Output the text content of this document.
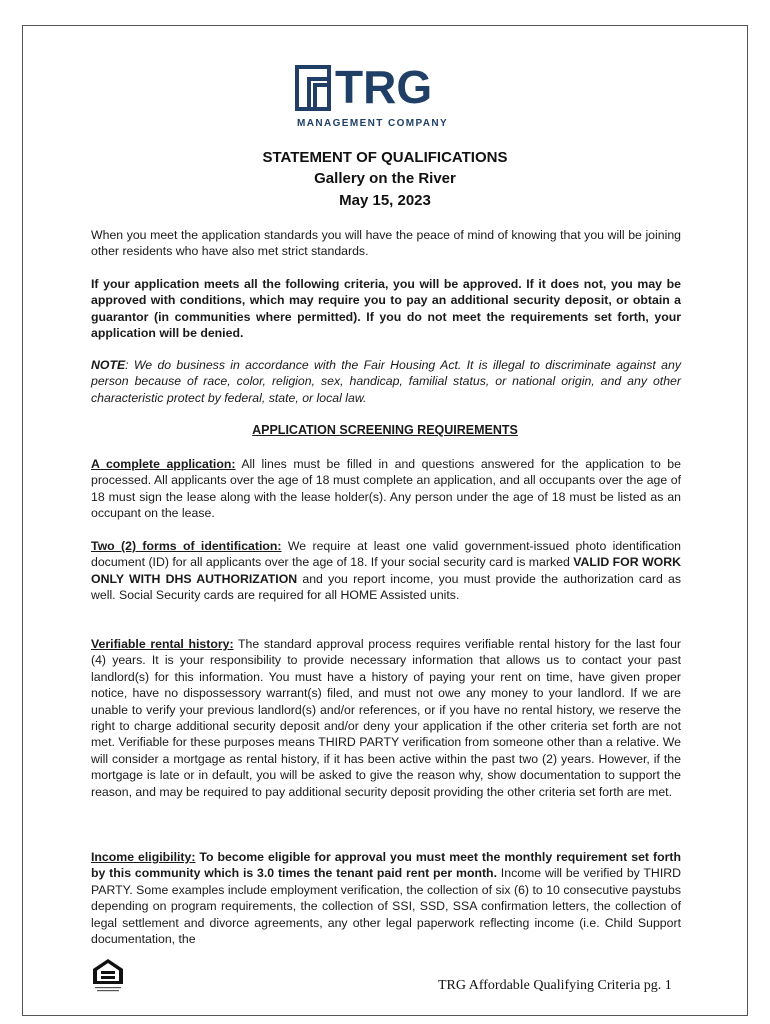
TRG
MANAGEMENT COMPANY
STATEMENT OF QUALIFICATIONS
Gallery on the River
May 15, 2023
When you meet the application standards you will have the peace of mind of knowing that you will be joining other residents who have also met strict standards.
If your application meets all the following criteria, you will be approved. If it does not, you may be approved with conditions, which may require you to pay an additional security deposit, or obtain a guarantor (in communities where permitted). If you do not meet the requirements set forth, your application will be denied.
NOTE: We do business in accordance with the Fair Housing Act. It is illegal to discriminate against any person because of race, color, religion, sex, handicap, familial status, or national origin, and any other characteristic protect by federal, state, or local law.
APPLICATION SCREENING REQUIREMENTS
A complete application: All lines must be filled in and questions answered for the application to be processed. All applicants over the age of 18 must complete an application, and all occupants over the age of 18 must sign the lease along with the lease holder(s). Any person under the age of 18 must be listed as an occupant on the lease.
Two (2) forms of identification: We require at least one valid government-issued photo identification document (ID) for all applicants over the age of 18. If your social security card is marked VALID FOR WORK ONLY WITH DHS AUTHORIZATION and you report income, you must provide the authorization card as well. Social Security cards are required for all HOME Assisted units.
Verifiable rental history: The standard approval process requires verifiable rental history for the last four (4) years. It is your responsibility to provide necessary information that allows us to contact your past landlord(s) for this information. You must have a history of paying your rent on time, have given proper notice, have no dispossessory warrant(s) filed, and must not owe any money to your landlord. If we are unable to verify your previous landlord(s) and/or references, or if you have no rental history, we reserve the right to charge additional security deposit and/or deny your application if the other criteria set forth are not met. Verifiable for these purposes means THIRD PARTY verification from someone other than a relative. We will consider a mortgage as rental history, if it has been active within the past two (2) years. However, if the mortgage is late or in default, you will be asked to give the reason why, show documentation to support the reason, and may be required to pay additional security deposit providing the other criteria set forth are met.
Income eligibility: To become eligible for approval you must meet the monthly requirement set forth by this community which is 3.0 times the tenant paid rent per month. Income will be verified by THIRD PARTY. Some examples include employment verification, the collection of six (6) to 10 consecutive paystubs depending on program requirements, the collection of SSI, SSD, SSA confirmation letters, the collection of legal settlement and divorce agreements, any other legal paperwork reflecting income (i.e. Child Support documentation, the
TRG Affordable Qualifying Criteria pg. 1
